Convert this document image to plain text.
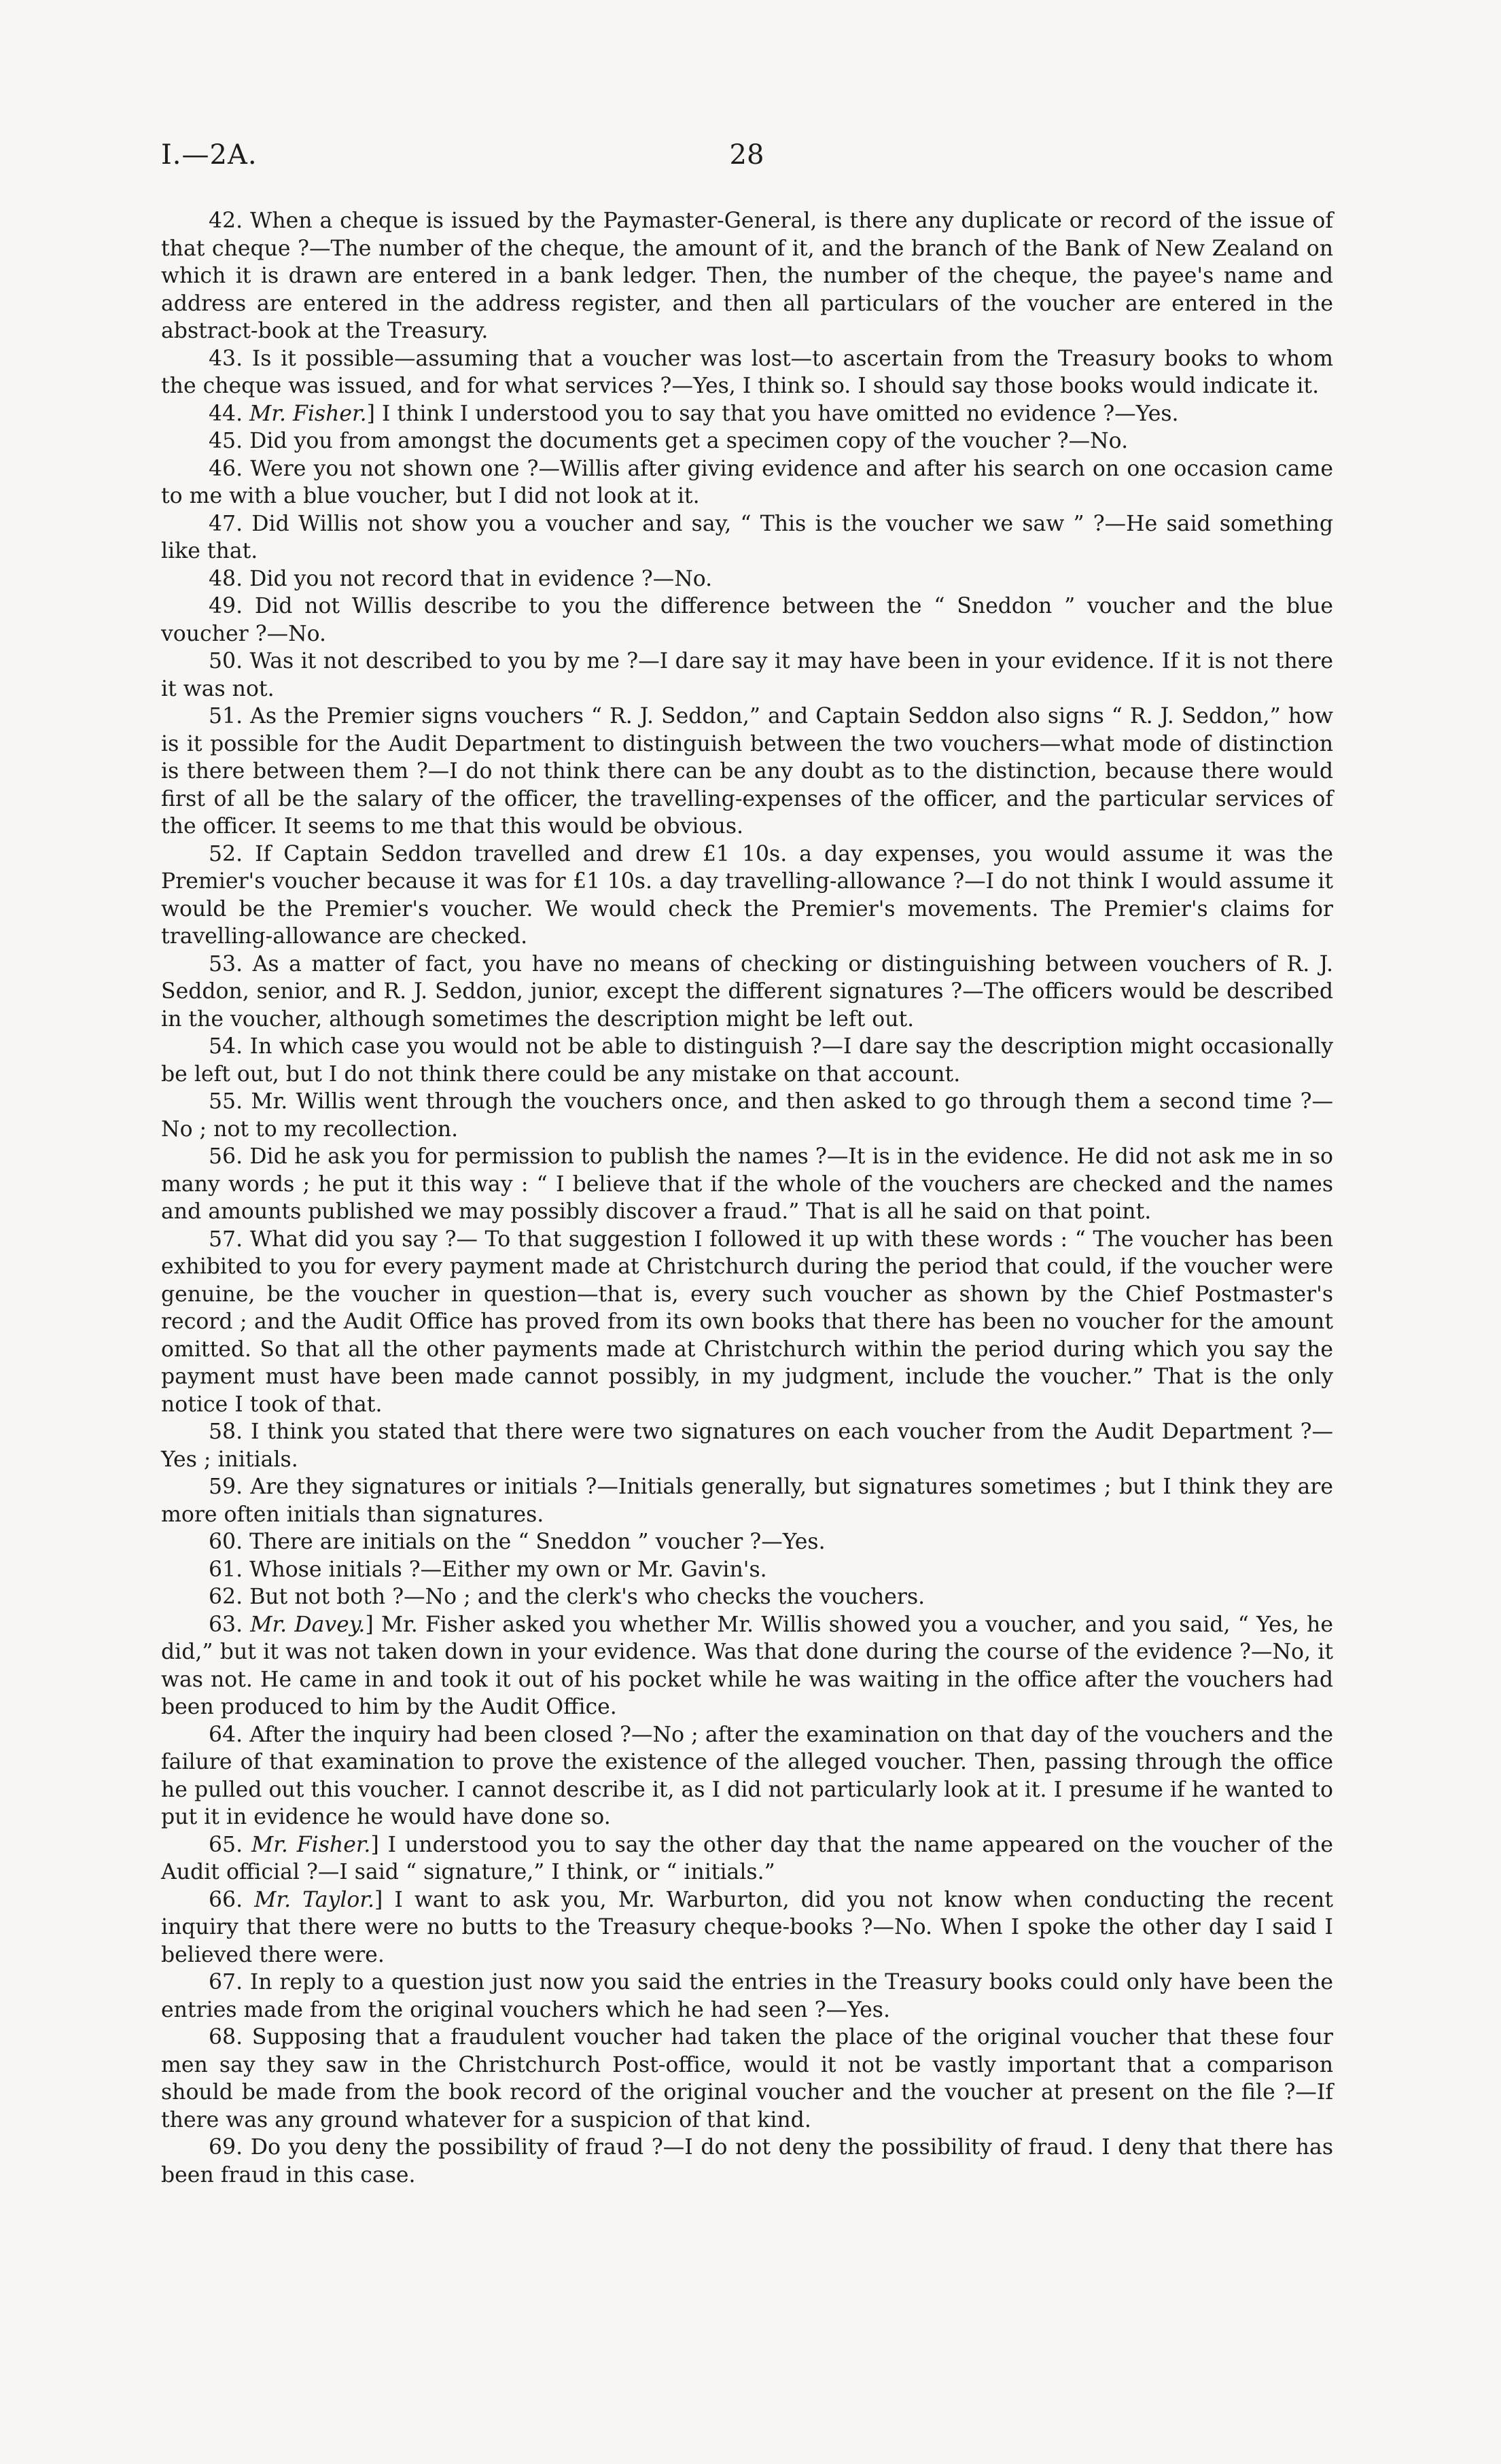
I.—2A.	28

42. When a cheque is issued by the Paymaster-General, is there any duplicate or record of the issue of that cheque ?—The number of the cheque, the amount of it, and the branch of the Bank of New Zealand on which it is drawn are entered in a bank ledger. Then, the number of the cheque, the payee's name and address are entered in the address register, and then all particulars of the voucher are entered in the abstract-book at the Treasury.

43. Is it possible—assuming that a voucher was lost—to ascertain from the Treasury books to whom the cheque was issued, and for what services ?—Yes, I think so. I should say those books would indicate it.

44. Mr. Fisher.] I think I understood you to say that you have omitted no evidence ?—Yes.

45. Did you from amongst the documents get a specimen copy of the voucher ?—No.

46. Were you not shown one ?—Willis after giving evidence and after his search on one occasion came to me with a blue voucher, but I did not look at it.

47. Did Willis not show you a voucher and say, “ This is the voucher we saw ” ?—He said something like that.

48. Did you not record that in evidence ?—No.

49. Did not Willis describe to you the difference between the “ Sneddon ” voucher and the blue voucher ?—No.

50. Was it not described to you by me ?—I dare say it may have been in your evidence. If it is not there it was not.

51. As the Premier signs vouchers “ R. J. Seddon,” and Captain Seddon also signs “ R. J. Seddon,” how is it possible for the Audit Department to distinguish between the two vouchers—what mode of distinction is there between them ?—I do not think there can be any doubt as to the distinction, because there would first of all be the salary of the officer, the travelling-expenses of the officer, and the particular services of the officer. It seems to me that this would be obvious.

52. If Captain Seddon travelled and drew £1 10s. a day expenses, you would assume it was the Premier's voucher because it was for £1 10s. a day travelling-allowance ?—I do not think I would assume it would be the Premier's voucher. We would check the Premier's movements. The Premier's claims for travelling-allowance are checked.

53. As a matter of fact, you have no means of checking or distinguishing between vouchers of R. J. Seddon, senior, and R. J. Seddon, junior, except the different signatures ?—The officers would be described in the voucher, although sometimes the description might be left out.

54. In which case you would not be able to distinguish ?—I dare say the description might occasionally be left out, but I do not think there could be any mistake on that account.

55. Mr. Willis went through the vouchers once, and then asked to go through them a second time ?—No ; not to my recollection.

56. Did he ask you for permission to publish the names ?—It is in the evidence. He did not ask me in so many words ; he put it this way : “ I believe that if the whole of the vouchers are checked and the names and amounts published we may possibly discover a fraud.” That is all he said on that point.

57. What did you say ?— To that suggestion I followed it up with these words : “ The voucher has been exhibited to you for every payment made at Christchurch during the period that could, if the voucher were genuine, be the voucher in question—that is, every such voucher as shown by the Chief Postmaster's record ; and the Audit Office has proved from its own books that there has been no voucher for the amount omitted. So that all the other payments made at Christchurch within the period during which you say the payment must have been made cannot possibly, in my judgment, include the voucher.” That is the only notice I took of that.

58. I think you stated that there were two signatures on each voucher from the Audit Department ?—Yes ; initials.

59. Are they signatures or initials ?—Initials generally, but signatures sometimes ; but I think they are more often initials than signatures.

60. There are initials on the “ Sneddon ” voucher ?—Yes.

61. Whose initials ?—Either my own or Mr. Gavin's.

62. But not both ?—No ; and the clerk's who checks the vouchers.

63. Mr. Davey.] Mr. Fisher asked you whether Mr. Willis showed you a voucher, and you said, “ Yes, he did,” but it was not taken down in your evidence. Was that done during the course of the evidence ?—No, it was not. He came in and took it out of his pocket while he was waiting in the office after the vouchers had been produced to him by the Audit Office.

64. After the inquiry had been closed ?—No ; after the examination on that day of the vouchers and the failure of that examination to prove the existence of the alleged voucher. Then, passing through the office he pulled out this voucher. I cannot describe it, as I did not particularly look at it. I presume if he wanted to put it in evidence he would have done so.

65. Mr. Fisher.] I understood you to say the other day that the name appeared on the voucher of the Audit official ?—I said “ signature,” I think, or “ initials.”

66. Mr. Taylor.] I want to ask you, Mr. Warburton, did you not know when conducting the recent inquiry that there were no butts to the Treasury cheque-books ?—No. When I spoke the other day I said I believed there were.

67. In reply to a question just now you said the entries in the Treasury books could only have been the entries made from the original vouchers which he had seen ?—Yes.

68. Supposing that a fraudulent voucher had taken the place of the original voucher that these four men say they saw in the Christchurch Post-office, would it not be vastly important that a comparison should be made from the book record of the original voucher and the voucher at present on the file ?—If there was any ground whatever for a suspicion of that kind.

69. Do you deny the possibility of fraud ?—I do not deny the possibility of fraud. I deny that there has been fraud in this case.
